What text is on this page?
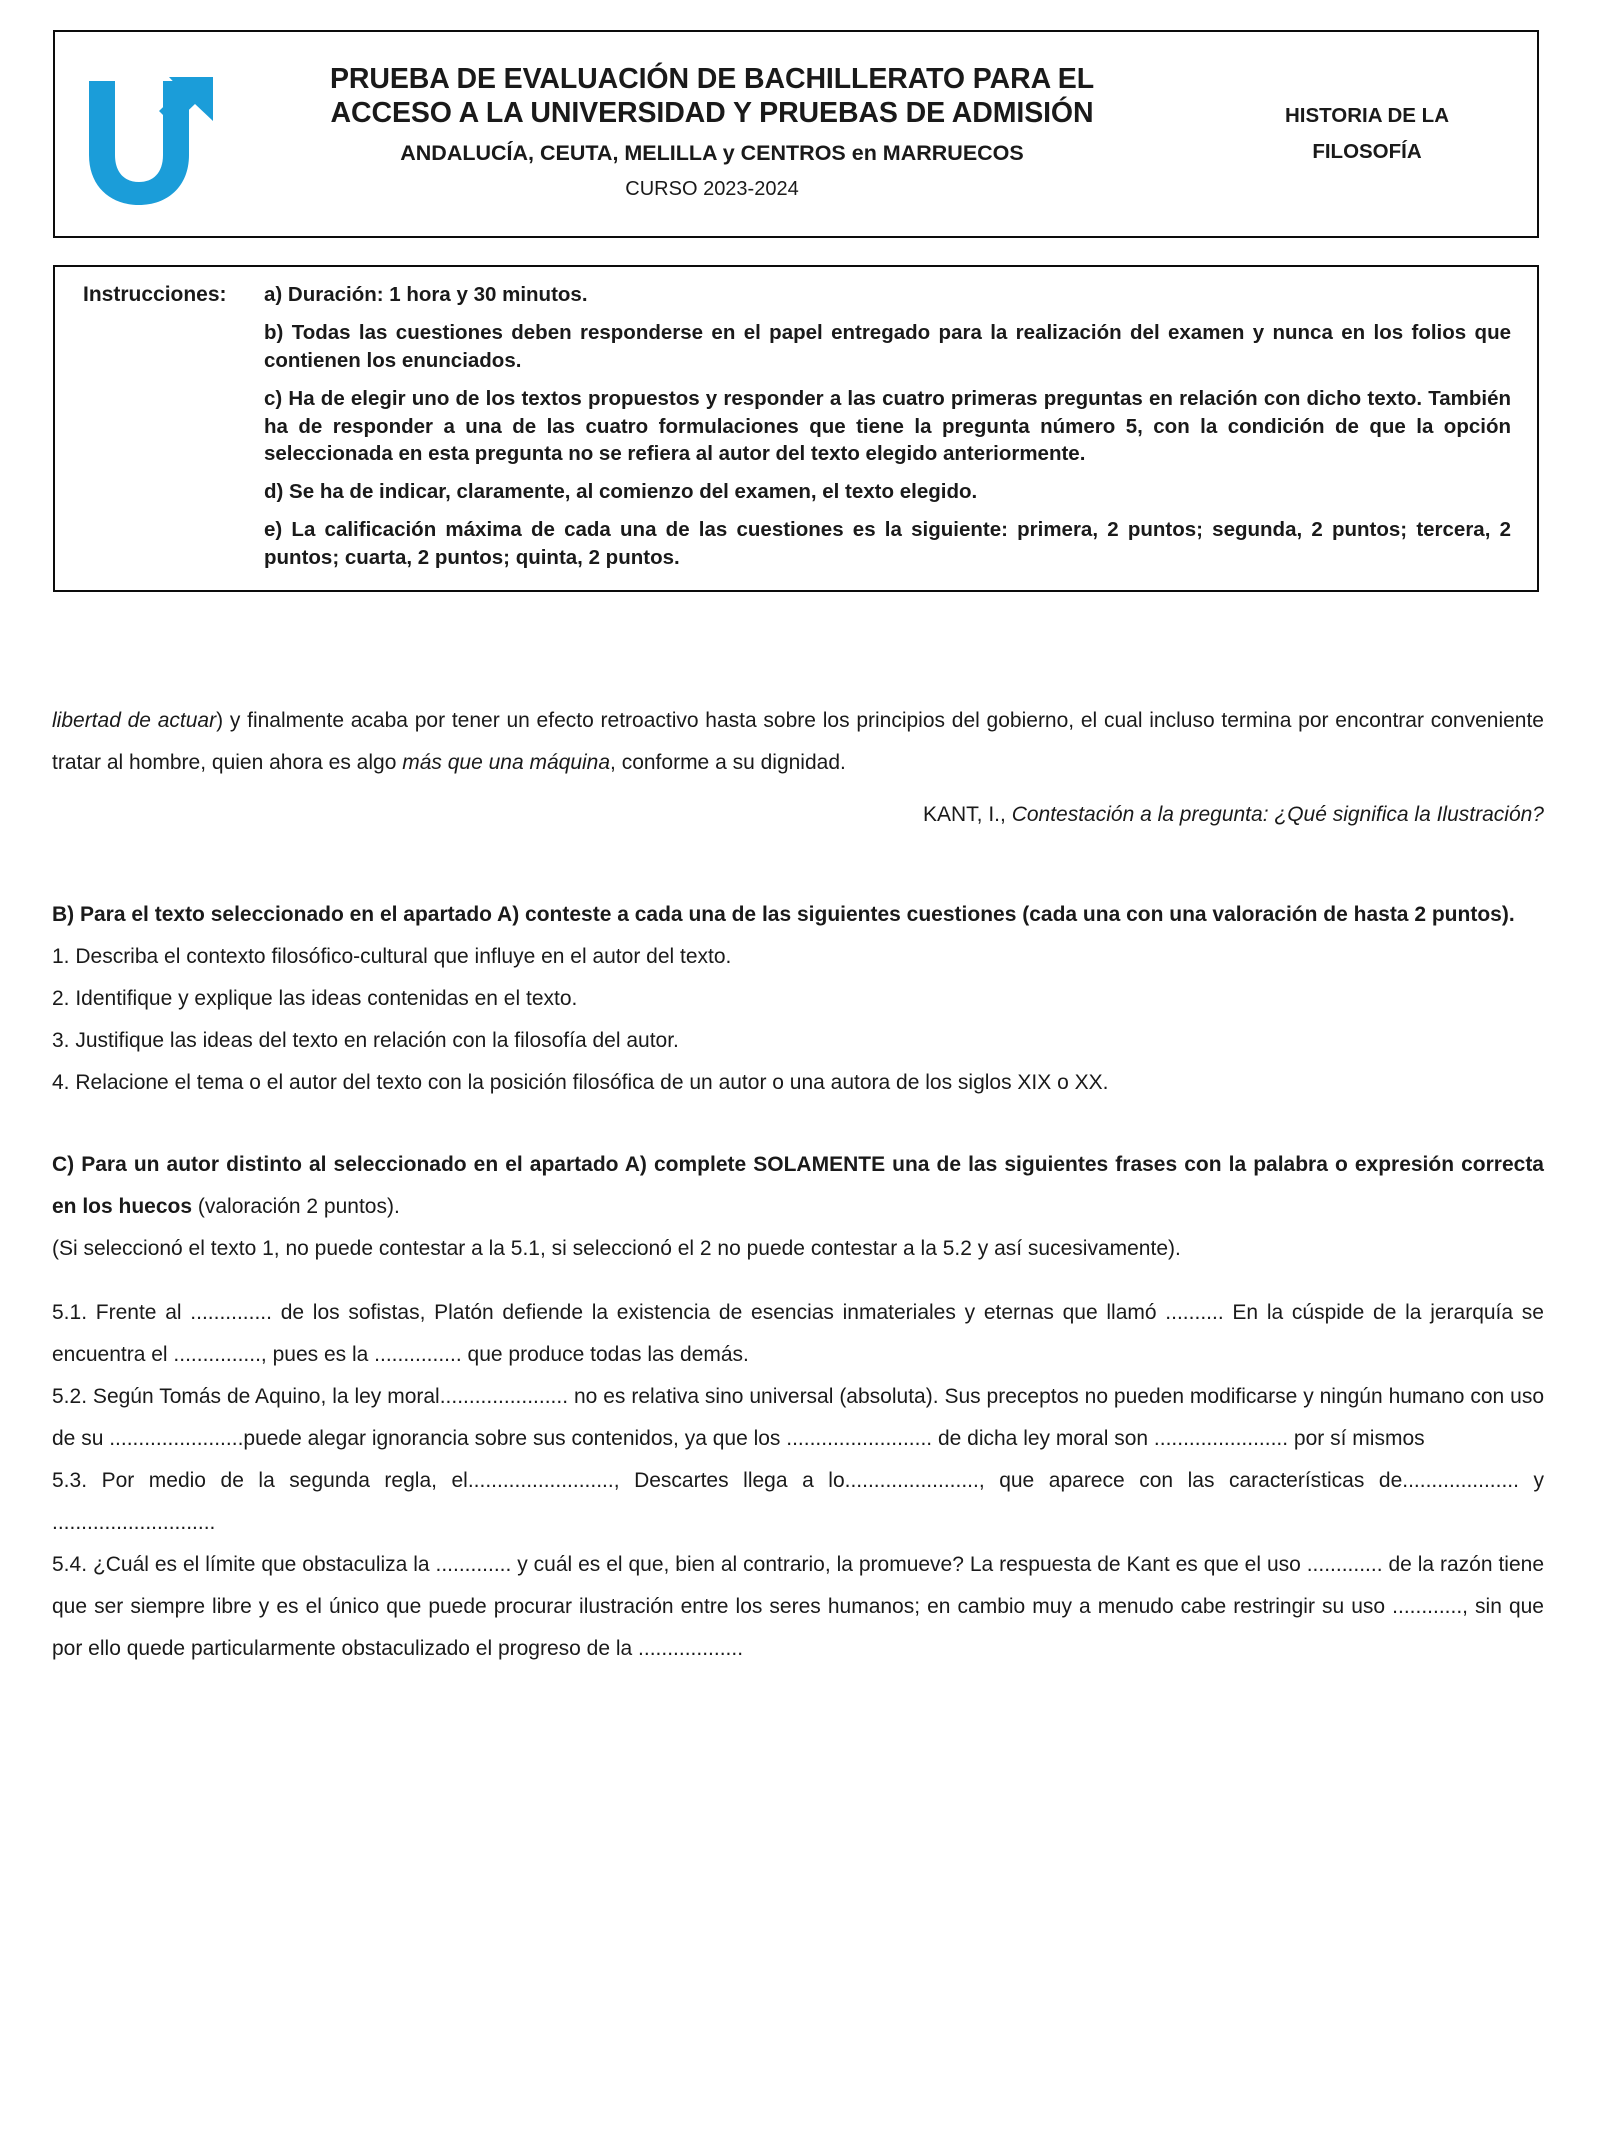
PRUEBA DE EVALUACIÓN DE BACHILLERATO PARA EL
ACCESO A LA UNIVERSIDAD Y PRUEBAS DE ADMISIÓN
ANDALUCÍA, CEUTA, MELILLA y CENTROS en MARRUECOS
CURSO 2023-2024
HISTORIA DE LA
FILOSOFÍA
Instrucciones:	a) Duración: 1 hora y 30 minutos.
b) Todas las cuestiones deben responderse en el papel entregado para la realización del examen y nunca en los folios que contienen los enunciados.
c) Ha de elegir uno de los textos propuestos y responder a las cuatro primeras preguntas en relación con dicho texto. También ha de responder a una de las cuatro formulaciones que tiene la pregunta número 5, con la condición de que la opción seleccionada en esta pregunta no se refiera al autor del texto elegido anteriormente.
d) Se ha de indicar, claramente, al comienzo del examen, el texto elegido.
e) La calificación máxima de cada una de las cuestiones es la siguiente: primera, 2 puntos; segunda, 2 puntos; tercera, 2 puntos; cuarta, 2 puntos; quinta, 2 puntos.

libertad de actuar) y finalmente acaba por tener un efecto retroactivo hasta sobre los principios del gobierno, el cual incluso termina por encontrar conveniente tratar al hombre, quien ahora es algo más que una máquina, conforme a su dignidad.

KANT, I., Contestación a la pregunta: ¿Qué significa la Ilustración?
B) Para el texto seleccionado en el apartado A) conteste a cada una de las siguientes cuestiones (cada una con una valoración de hasta 2 puntos).

1. Describa el contexto filosófico-cultural que influye en el autor del texto.

2. Identifique y explique las ideas contenidas en el texto.

3. Justifique las ideas del texto en relación con la filosofía del autor.

4. Relacione el tema o el autor del texto con la posición filosófica de un autor o una autora de los siglos XIX o XX.

C) Para un autor distinto al seleccionado en el apartado A) complete SOLAMENTE una de las siguientes frases con la palabra o expresión correcta en los huecos (valoración 2 puntos).
(Si seleccionó el texto 1, no puede contestar a la 5.1, si seleccionó el 2 no puede contestar a la 5.2 y así sucesivamente).

5.1. Frente al .............. de los sofistas, Platón defiende la existencia de esencias inmateriales y eternas que llamó .......... En la cúspide de la jerarquía se encuentra el ..............., pues es la ............... que produce todas las demás.

5.2. Según Tomás de Aquino, la ley moral...................... no es relativa sino universal (absoluta). Sus preceptos no pueden modificarse y ningún humano con uso de su .......................puede alegar ignorancia sobre sus contenidos, ya que los ......................... de dicha ley moral son ....................... por sí mismos

5.3. Por medio de la segunda regla, el........................., Descartes llega a lo......................., que aparece con las características de.................... y ............................

5.4. ¿Cuál es el límite que obstaculiza la ............. y cuál es el que, bien al contrario, la promueve? La respuesta de Kant es que el uso ............. de la razón tiene que ser siempre libre y es el único que puede procurar ilustración entre los seres humanos; en cambio muy a menudo cabe restringir su uso ............, sin que por ello quede particularmente obstaculizado el progreso de la ..................
